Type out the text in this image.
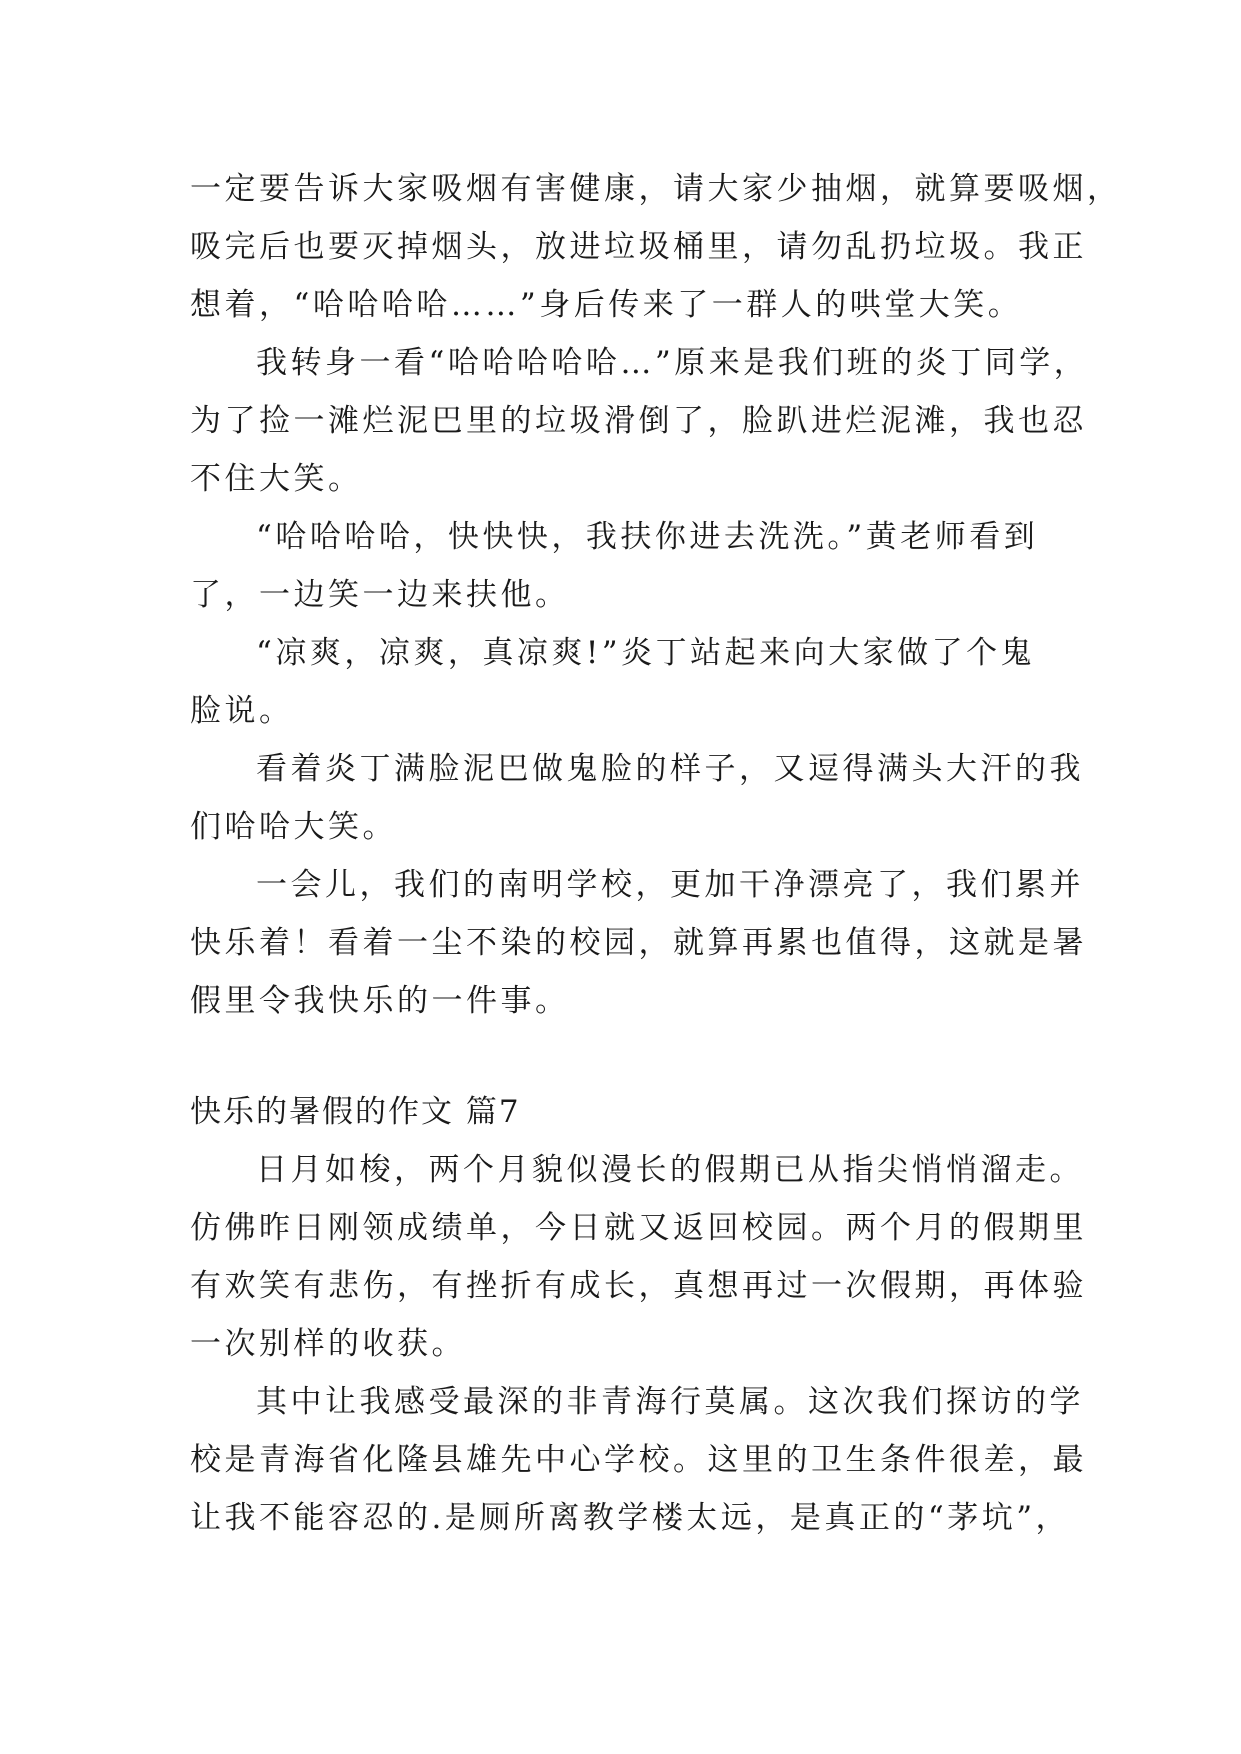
一定要告诉大家吸烟有害健康，请大家少抽烟，就算要吸烟，
吸完后也要灭掉烟头，放进垃圾桶里，请勿乱扔垃圾。我正
想着，“哈哈哈哈……”身后传来了一群人的哄堂大笑。
我转身一看“哈哈哈哈哈…”原来是我们班的炎丁同学，
为了捡一滩烂泥巴里的垃圾滑倒了，脸趴进烂泥滩，我也忍
不住大笑。
“哈哈哈哈，快快快，我扶你进去洗洗。”黄老师看到
了，一边笑一边来扶他。
“凉爽，凉爽，真凉爽!”炎丁站起来向大家做了个鬼
脸说。
看着炎丁满脸泥巴做鬼脸的样子，又逗得满头大汗的我
们哈哈大笑。
一会儿，我们的南明学校，更加干净漂亮了，我们累并
快乐着！看着一尘不染的校园，就算再累也值得，这就是暑
假里令我快乐的一件事。
快乐的暑假的作文 篇7
日月如梭，两个月貌似漫长的假期已从指尖悄悄溜走。
仿佛昨日刚领成绩单，今日就又返回校园。两个月的假期里
有欢笑有悲伤，有挫折有成长，真想再过一次假期，再体验
一次别样的收获。
其中让我感受最深的非青海行莫属。这次我们探访的学
校是青海省化隆县雄先中心学校。这里的卫生条件很差，最
让我不能容忍的.是厕所离教学楼太远，是真正的“茅坑”，
